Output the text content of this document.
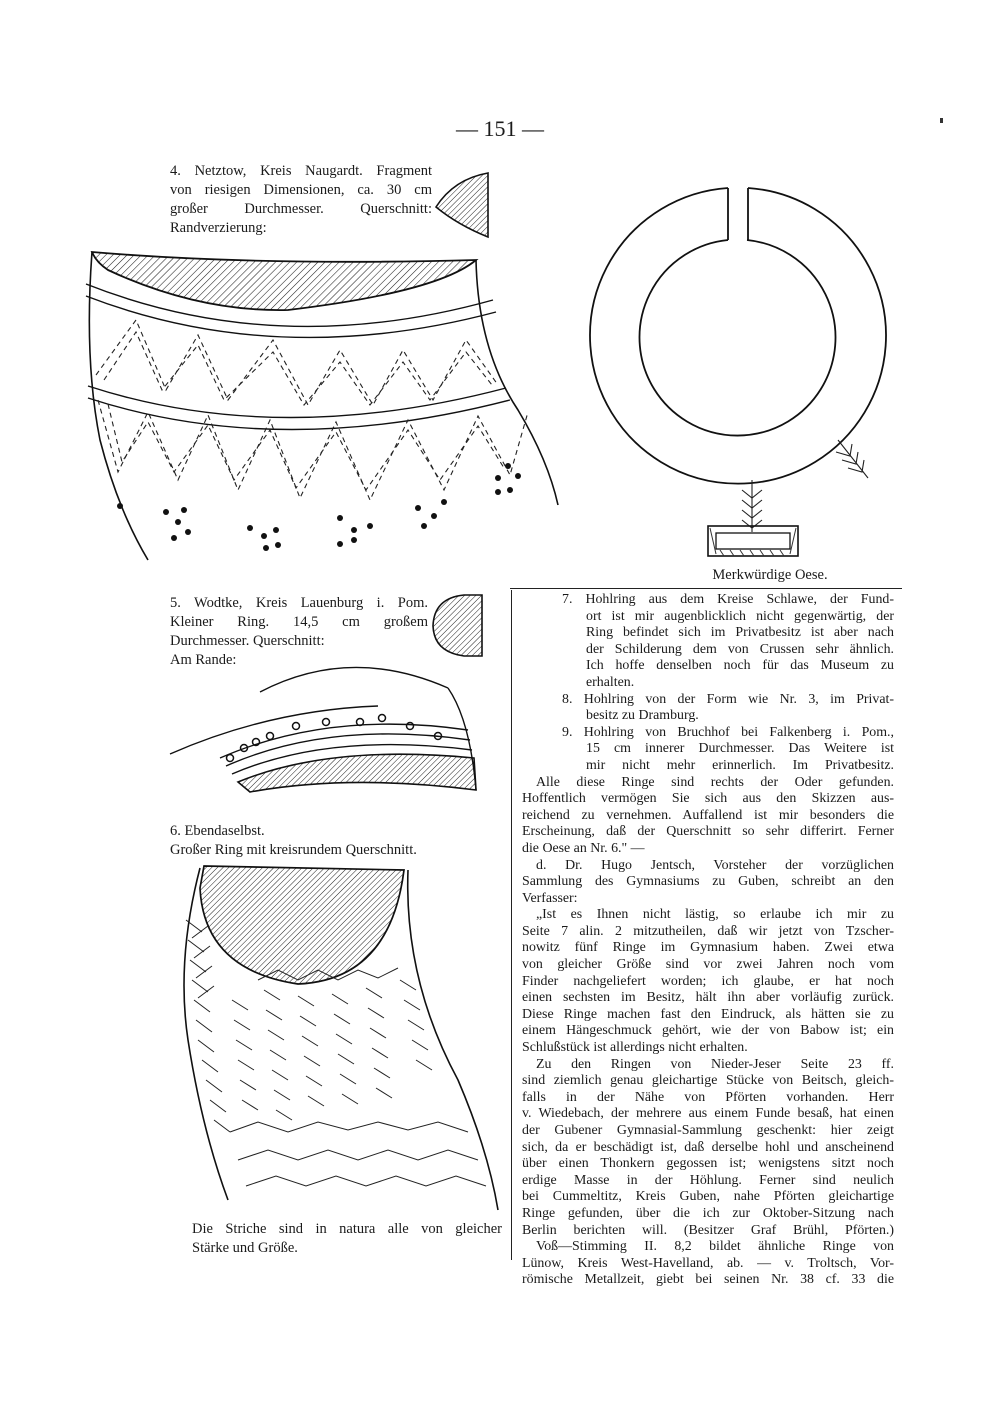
— 151 —
4. Netztow, Kreis Naugardt. Fragment
von riesigen Dimensionen, ca. 30 cm
großer Durchmesser. Querschnitt:
Randverzierung:
Merkwürdige Oese.
5. Wodtke, Kreis Lauenburg i. Pom.
Kleiner Ring. 14,5 cm großem
Durchmesser. Querschnitt:
Am Rande:
6. Ebendaselbst.
Großer Ring mit kreisrundem Querschnitt.
Die Striche sind in natura alle von gleicher
Stärke und Größe.
7. Hohlring aus dem Kreise Schlawe, der Fund-
ort ist mir augenblicklich nicht gegenwärtig, der
Ring befindet sich im Privatbesitz ist aber nach
der Schilderung dem von Crussen sehr ähnlich.
Ich hoffe denselben noch für das Museum zu
erhalten.
8. Hohlring von der Form wie Nr. 3, im Privat-
besitz zu Dramburg.
9. Hohlring von Bruchhof bei Falkenberg i. Pom.,
15 cm innerer Durchmesser. Das Weitere ist
mir nicht mehr erinnerlich. Im Privatbesitz.
Alle diese Ringe sind rechts der Oder gefunden.
Hoffentlich vermögen Sie sich aus den Skizzen aus-
reichend zu vernehmen. Auffallend ist mir besonders die
Erscheinung, daß der Querschnitt so sehr differirt. Ferner
die Oese an Nr. 6." —
d. Dr. Hugo Jentsch, Vorsteher der vorzüglichen
Sammlung des Gymnasiums zu Guben, schreibt an den
Verfasser:
„Ist es Ihnen nicht lästig, so erlaube ich mir zu
Seite 7 alin. 2 mitzutheilen, daß wir jetzt von Tzscher-
nowitz fünf Ringe im Gymnasium haben. Zwei etwa
von gleicher Größe sind vor zwei Jahren noch vom
Finder nachgeliefert worden; ich glaube, er hat noch
einen sechsten im Besitz, hält ihn aber vorläufig zurück.
Diese Ringe machen fast den Eindruck, als hätten sie zu
einem Hängeschmuck gehört, wie der von Babow ist; ein
Schlußstück ist allerdings nicht erhalten.
Zu den Ringen von Nieder-Jeser Seite 23 ff.
sind ziemlich genau gleichartige Stücke von Beitsch, gleich-
falls in der Nähe von Pförten vorhanden. Herr
v. Wiedebach, der mehrere aus einem Funde besaß, hat einen
der Gubener Gymnasial-Sammlung geschenkt: hier zeigt
sich, da er beschädigt ist, daß derselbe hohl und anscheinend
über einen Thonkern gegossen ist; wenigstens sitzt noch
erdige Masse in der Höhlung. Ferner sind neulich
bei Cummeltitz, Kreis Guben, nahe Pförten gleichartige
Ringe gefunden, über die ich zur Oktober-Sitzung nach
Berlin berichten will. (Besitzer Graf Brühl, Pförten.)
Voß—Stimming II. 8,2 bildet ähnliche Ringe von
Lünow, Kreis West-Havelland, ab. — v. Troltsch, Vor-
römische Metallzeit, giebt bei seinen Nr. 38 cf. 33 die
